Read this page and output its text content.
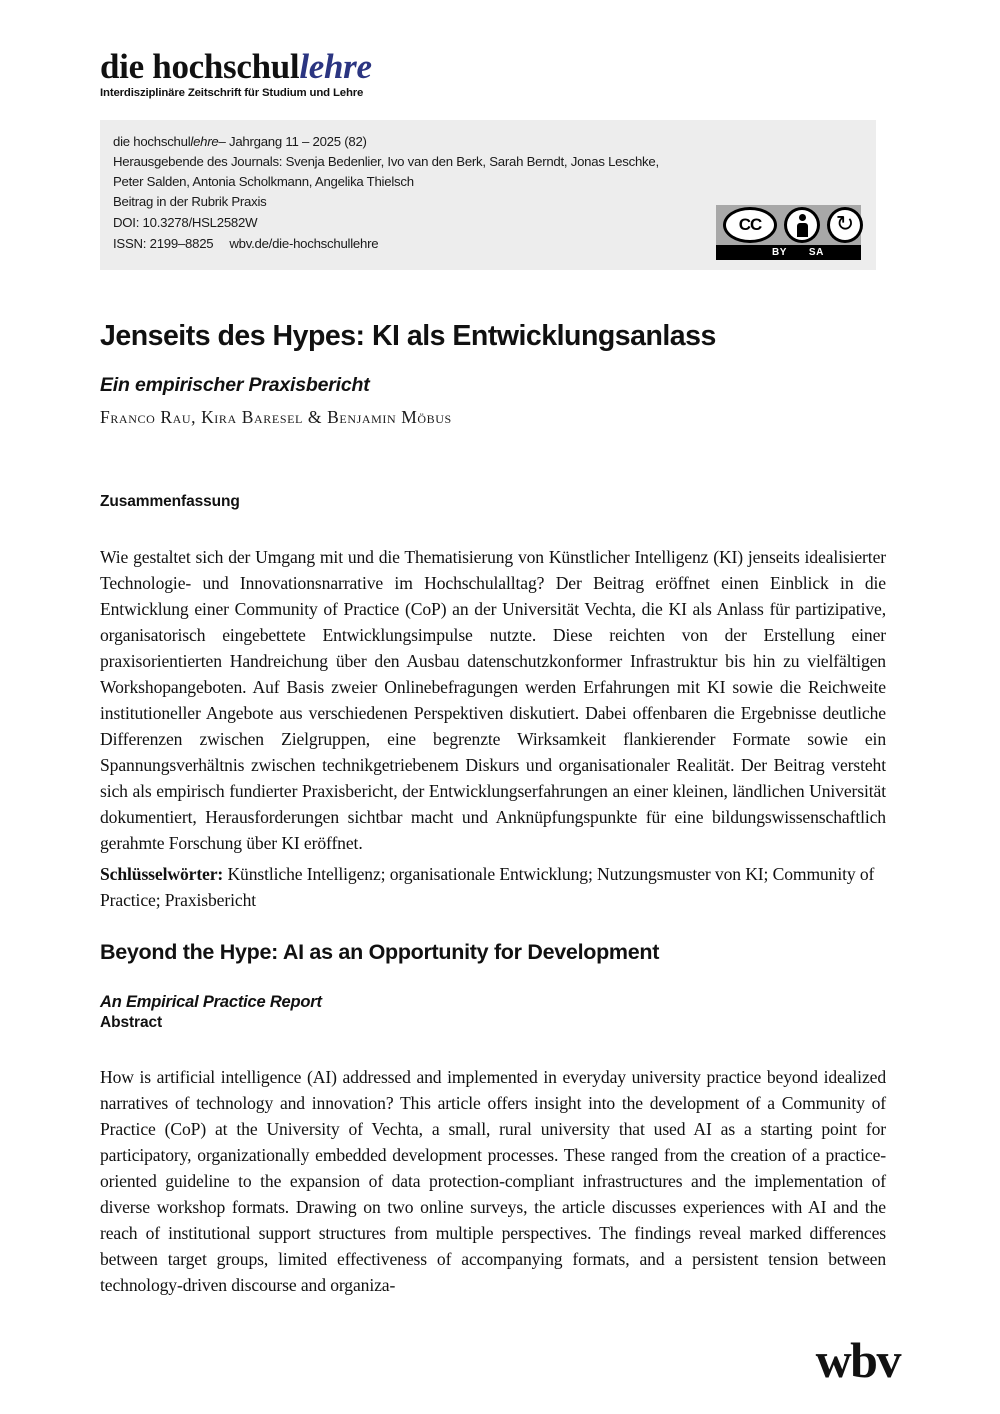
die hochschullehre
Interdisziplinäre Zeitschrift für Studium und Lehre
die hochschullehre– Jahrgang 11 – 2025 (82)
Herausgebende des Journals: Svenja Bedenlier, Ivo van den Berk, Sarah Berndt, Jonas Leschke,
Peter Salden, Antonia Scholkmann, Angelika Thielsch
Beitrag in der Rubrik Praxis
DOI: 10.3278/HSL2582W
ISSN: 2199–8825 wbv.de/die-hochschullehre
CC	↻
BY SA
Jenseits des Hypes: KI als Entwicklungsanlass
Ein empirischer Praxisbericht
Franco Rau, Kira Baresel & Benjamin Möbus
Zusammenfassung

Wie gestaltet sich der Umgang mit und die Thematisierung von Künstlicher Intelligenz (KI) jenseits idealisierter Technologie- und Innovationsnarrative im Hochschulalltag? Der Beitrag eröffnet einen Einblick in die Entwicklung einer Community of Practice (CoP) an der Universität Vechta, die KI als Anlass für partizipative, organisatorisch eingebettete Entwicklungsimpulse nutzte. Diese reichten von der Erstellung einer praxisorientierten Handreichung über den Ausbau datenschutzkonformer Infrastruktur bis hin zu vielfältigen Workshopangeboten. Auf Basis zweier Onlinebefragungen werden Erfahrungen mit KI sowie die Reichweite institutioneller Angebote aus verschiedenen Perspektiven diskutiert. Dabei offenbaren die Ergebnisse deutliche Differenzen zwischen Zielgruppen, eine begrenzte Wirksamkeit flankierender Formate sowie ein Spannungsverhältnis zwischen technikgetriebenem Diskurs und organisationaler Realität. Der Beitrag versteht sich als empirisch fundierter Praxisbericht, der Entwicklungserfahrungen an einer kleinen, ländlichen Universität dokumentiert, Herausforderungen sichtbar macht und Anknüpfungspunkte für eine bildungswissenschaftlich gerahmte Forschung über KI eröffnet.

Schlüsselwörter: Künstliche Intelligenz; organisationale Entwicklung; Nutzungsmuster von KI; Community of Practice; Praxisbericht

Beyond the Hype: AI as an Opportunity for Development
An Empirical Practice Report
Abstract

How is artificial intelligence (AI) addressed and implemented in everyday university practice beyond idealized narratives of technology and innovation? This article offers insight into the development of a Community of Practice (CoP) at the University of Vechta, a small, rural university that used AI as a starting point for participatory, organizationally embedded development processes. These ranged from the creation of a practice-oriented guideline to the expansion of data protection-compliant infrastructures and the implementation of diverse workshop formats. Drawing on two online surveys, the article discusses experiences with AI and the reach of institutional support structures from multiple perspectives. The findings reveal marked differences between target groups, limited effectiveness of accompanying formats, and a persistent tension between technology-driven discourse and organiza-

wbv
